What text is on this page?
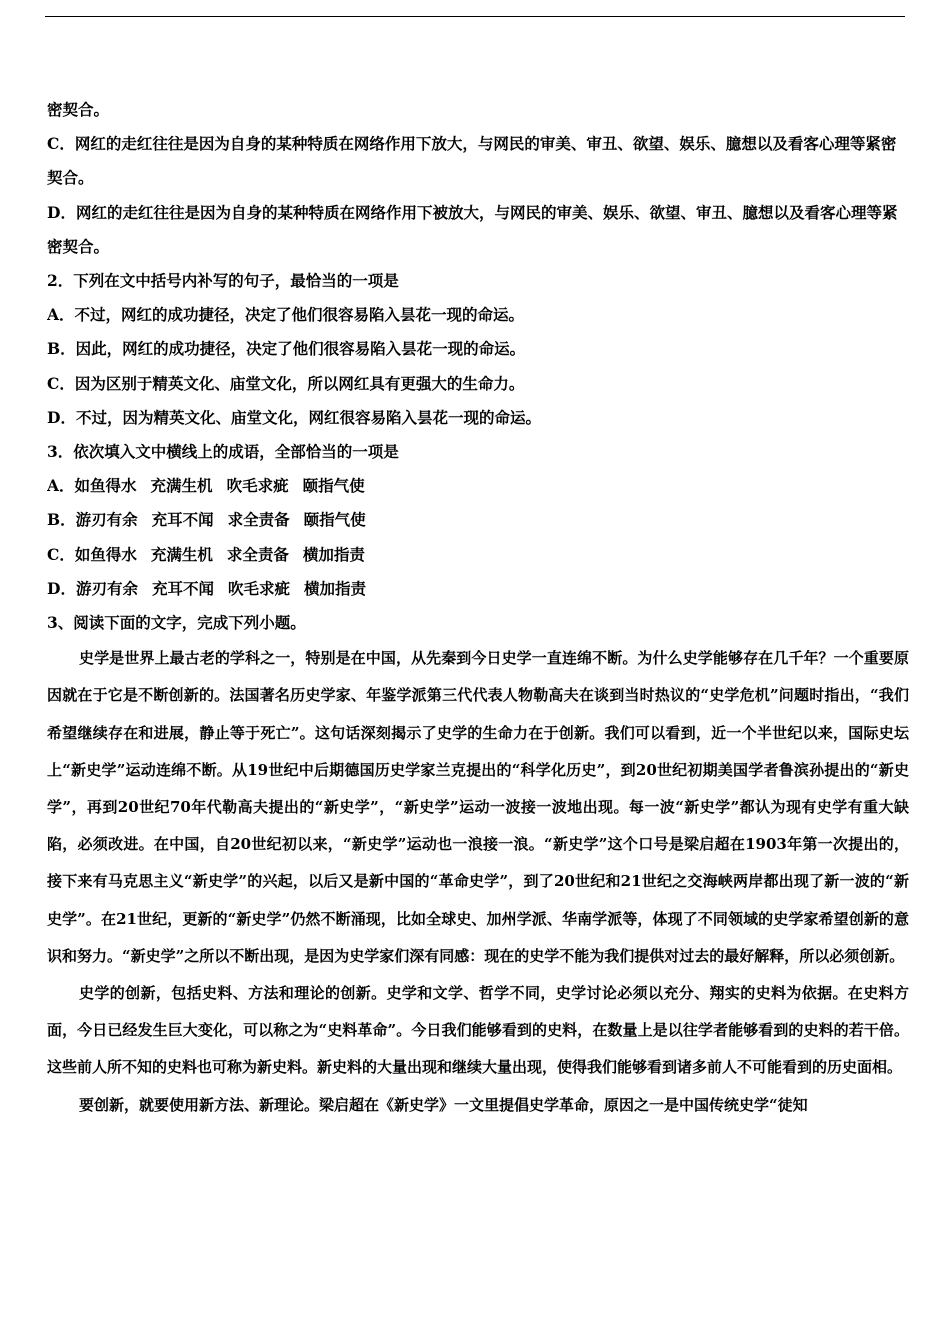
密契合。
C．网红的走红往往是因为自身的某种特质在网络作用下放大，与网民的审美、审丑、欲望、娱乐、臆想以及看客心理等紧密契合。
D．网红的走红往往是因为自身的某种特质在网络作用下被放大，与网民的审美、娱乐、欲望、审丑、臆想以及看客心理等紧密契合。
2．下列在文中括号内补写的句子，最恰当的一项是
A．不过，网红的成功捷径，决定了他们很容易陷入昙花一现的命运。
B．因此，网红的成功捷径，决定了他们很容易陷入昙花一现的命运。
C．因为区别于精英文化、庙堂文化，所以网红具有更强大的生命力。
D．不过，因为精英文化、庙堂文化，网红很容易陷入昙花一现的命运。
3．依次填入文中横线上的成语，全部恰当的一项是
A．如鱼得水 充满生机 吹毛求疵 颐指气使
B．游刃有余 充耳不闻 求全责备 颐指气使
C．如鱼得水 充满生机 求全责备 横加指责
D．游刃有余 充耳不闻 吹毛求疵 横加指责
3、阅读下面的文字，完成下列小题。

史学是世界上最古老的学科之一，特别是在中国，从先秦到今日史学一直连绵不断。为什么史学能够存在几千年？一个重要原因就在于它是不断创新的。法国著名历史学家、年鉴学派第三代代表人物勒高夫在谈到当时热议的“史学危机”问题时指出，“我们希望继续存在和进展，静止等于死亡”。这句话深刻揭示了史学的生命力在于创新。我们可以看到，近一个半世纪以来，国际史坛上“新史学”运动连绵不断。从19世纪中后期德国历史学家兰克提出的“科学化历史”，到20世纪初期美国学者鲁滨孙提出的“新史学”，再到20世纪70年代勒高夫提出的“新史学”，“新史学”运动一波接一波地出现。每一波“新史学”都认为现有史学有重大缺陷，必须改进。在中国，自20世纪初以来，“新史学”运动也一浪接一浪。“新史学”这个口号是梁启超在1903年第一次提出的，接下来有马克思主义“新史学”的兴起，以后又是新中国的“革命史学”，到了20世纪和21世纪之交海峡两岸都出现了新一波的“新史学”。在21世纪，更新的“新史学”仍然不断涌现，比如全球史、加州学派、华南学派等，体现了不同领域的史学家希望创新的意识和努力。“新史学”之所以不断出现，是因为史学家们深有同感：现在的史学不能为我们提供对过去的最好解释，所以必须创新。

史学的创新，包括史料、方法和理论的创新。史学和文学、哲学不同，史学讨论必须以充分、翔实的史料为依据。在史料方面，今日已经发生巨大变化，可以称之为“史料革命”。今日我们能够看到的史料，在数量上是以往学者能够看到的史料的若干倍。这些前人所不知的史料也可称为新史料。新史料的大量出现和继续大量出现，使得我们能够看到诸多前人不可能看到的历史面相。

要创新，就要使用新方法、新理论。梁启超在《新史学》一文里提倡史学革命，原因之一是中国传统史学“徒知
